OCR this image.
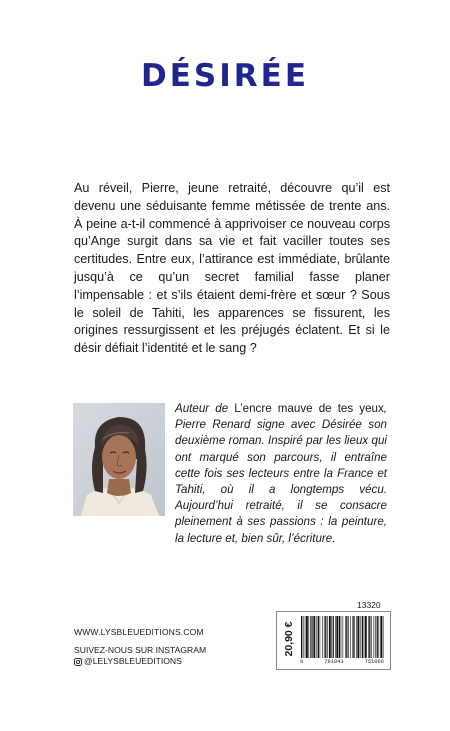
DÉSIRÉE

Au réveil, Pierre, jeune retraité, découvre qu’il est devenu une séduisante femme métissée de trente ans. À peine a-t-il commencé à apprivoiser ce nouveau corps qu’Ange surgit dans sa vie et fait vaciller toutes ses certitudes. Entre eux, l’attirance est immédiate, brûlante jusqu’à ce qu’un secret familial fasse planer l’impensable : et s’ils étaient demi-frère et sœur ? Sous le soleil de Tahiti, les apparences se fissurent, les origines ressurgissent et les préjugés éclatent. Et si le désir défiait l’identité et le sang ?

Auteur de L’encre mauve de tes yeux, Pierre Renard signe avec Désirée son deuxième roman. Inspiré par les lieux qui ont marqué son parcours, il entraîne cette fois ses lecteurs entre la France et Tahiti, où il a longtemps vécu. Aujourd’hui retraité, il se consacre pleinement à ses passions : la peinture, la lecture et, bien sûr, l’écriture.

WWW.LYSBLEUEDITIONS.COM
SUIVEZ-NOUS SUR INSTAGRAM
@LELYSBLEUEDITIONS
13320
20,90 €
9	791043	751066
